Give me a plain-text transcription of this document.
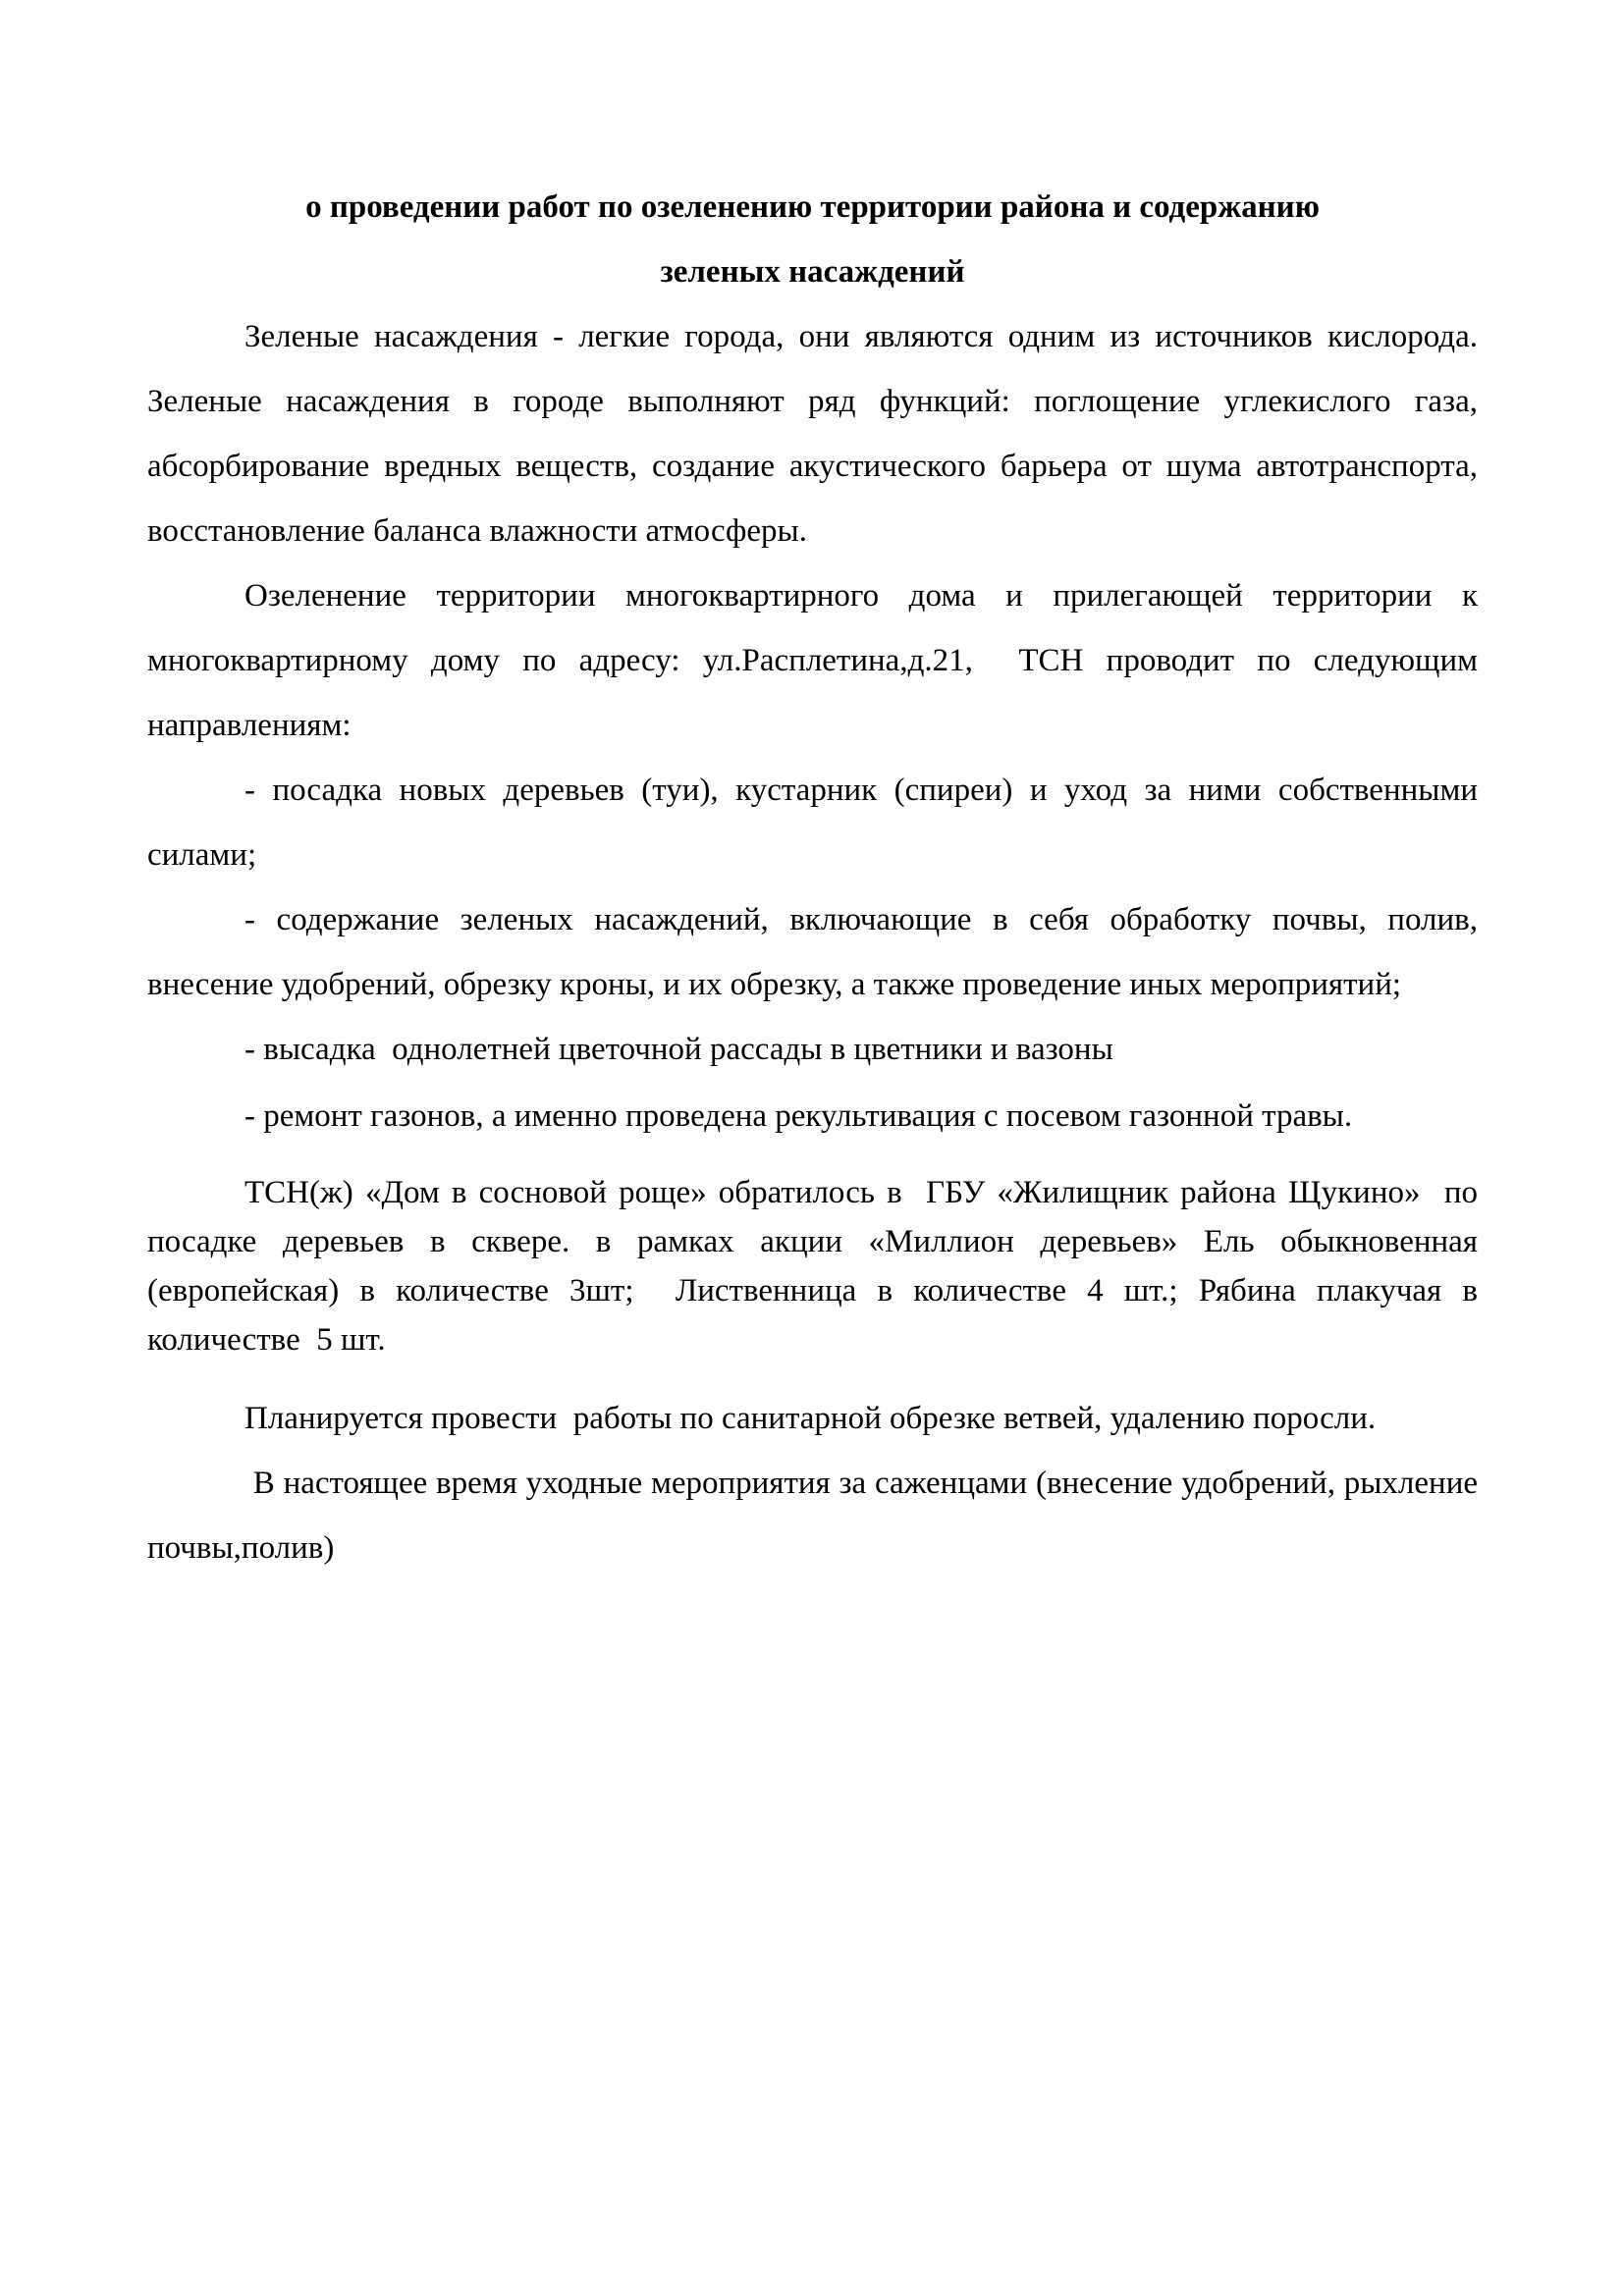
о проведении работ по озеленению территории района и содержанию
зеленых насаждений

Зеленые насаждения - легкие города, они являются одним из источников кислорода. Зеленые насаждения в городе выполняют ряд функций: поглощение углекислого газа, абсорбирование вредных веществ, создание акустического барьера от шума автотранспорта, восстановление баланса влажности атмосферы.

Озеленение территории многоквартирного дома и прилегающей территории к многоквартирному дому по адресу: ул.Расплетина,д.21,  ТСН проводит по следующим направлениям:

- посадка новых деревьев (туи), кустарник (спиреи) и уход за ними собственными силами;

- содержание зеленых насаждений, включающие в себя обработку почвы, полив, внесение удобрений, обрезку кроны, и их обрезку, а также проведение иных мероприятий;

- высадка  однолетней цветочной рассады в цветники и вазоны

- ремонт газонов, а именно проведена рекультивация с посевом газонной травы.

ТСН(ж) «Дом в сосновой роще» обратилось в  ГБУ «Жилищник района Щукино»  по  посадке деревьев в сквере. в рамках акции «Миллион деревьев» Ель обыкновенная (европейская) в количестве 3шт;  Лиственница в количестве 4 шт.; Рябина плакучая в количестве  5 шт.

Планируется провести  работы по санитарной обрезке ветвей, удалению поросли.

В настоящее время уходные мероприятия за саженцами (внесение удобрений, рыхление почвы,полив)
